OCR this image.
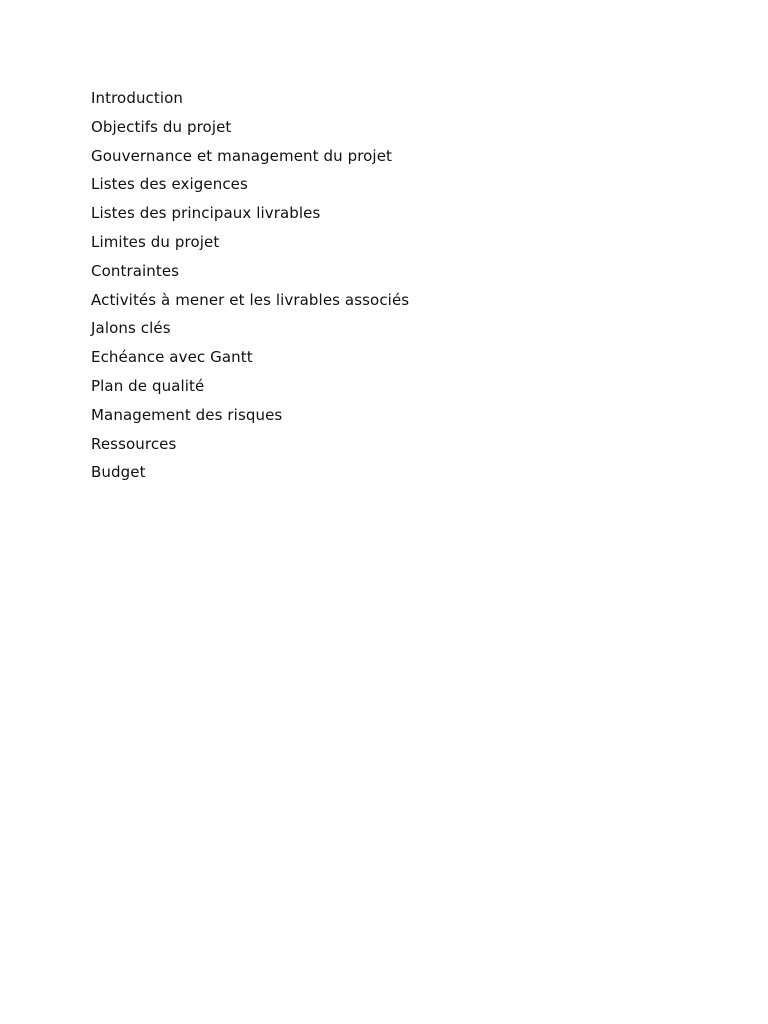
Introduction
Objectifs du projet
Gouvernance et management du projet
Listes des exigences
Listes des principaux livrables
Limites du projet
Contraintes
Activités à mener et les livrables associés
Jalons clés
Echéance avec Gantt
Plan de qualité
Management des risques
Ressources
Budget
